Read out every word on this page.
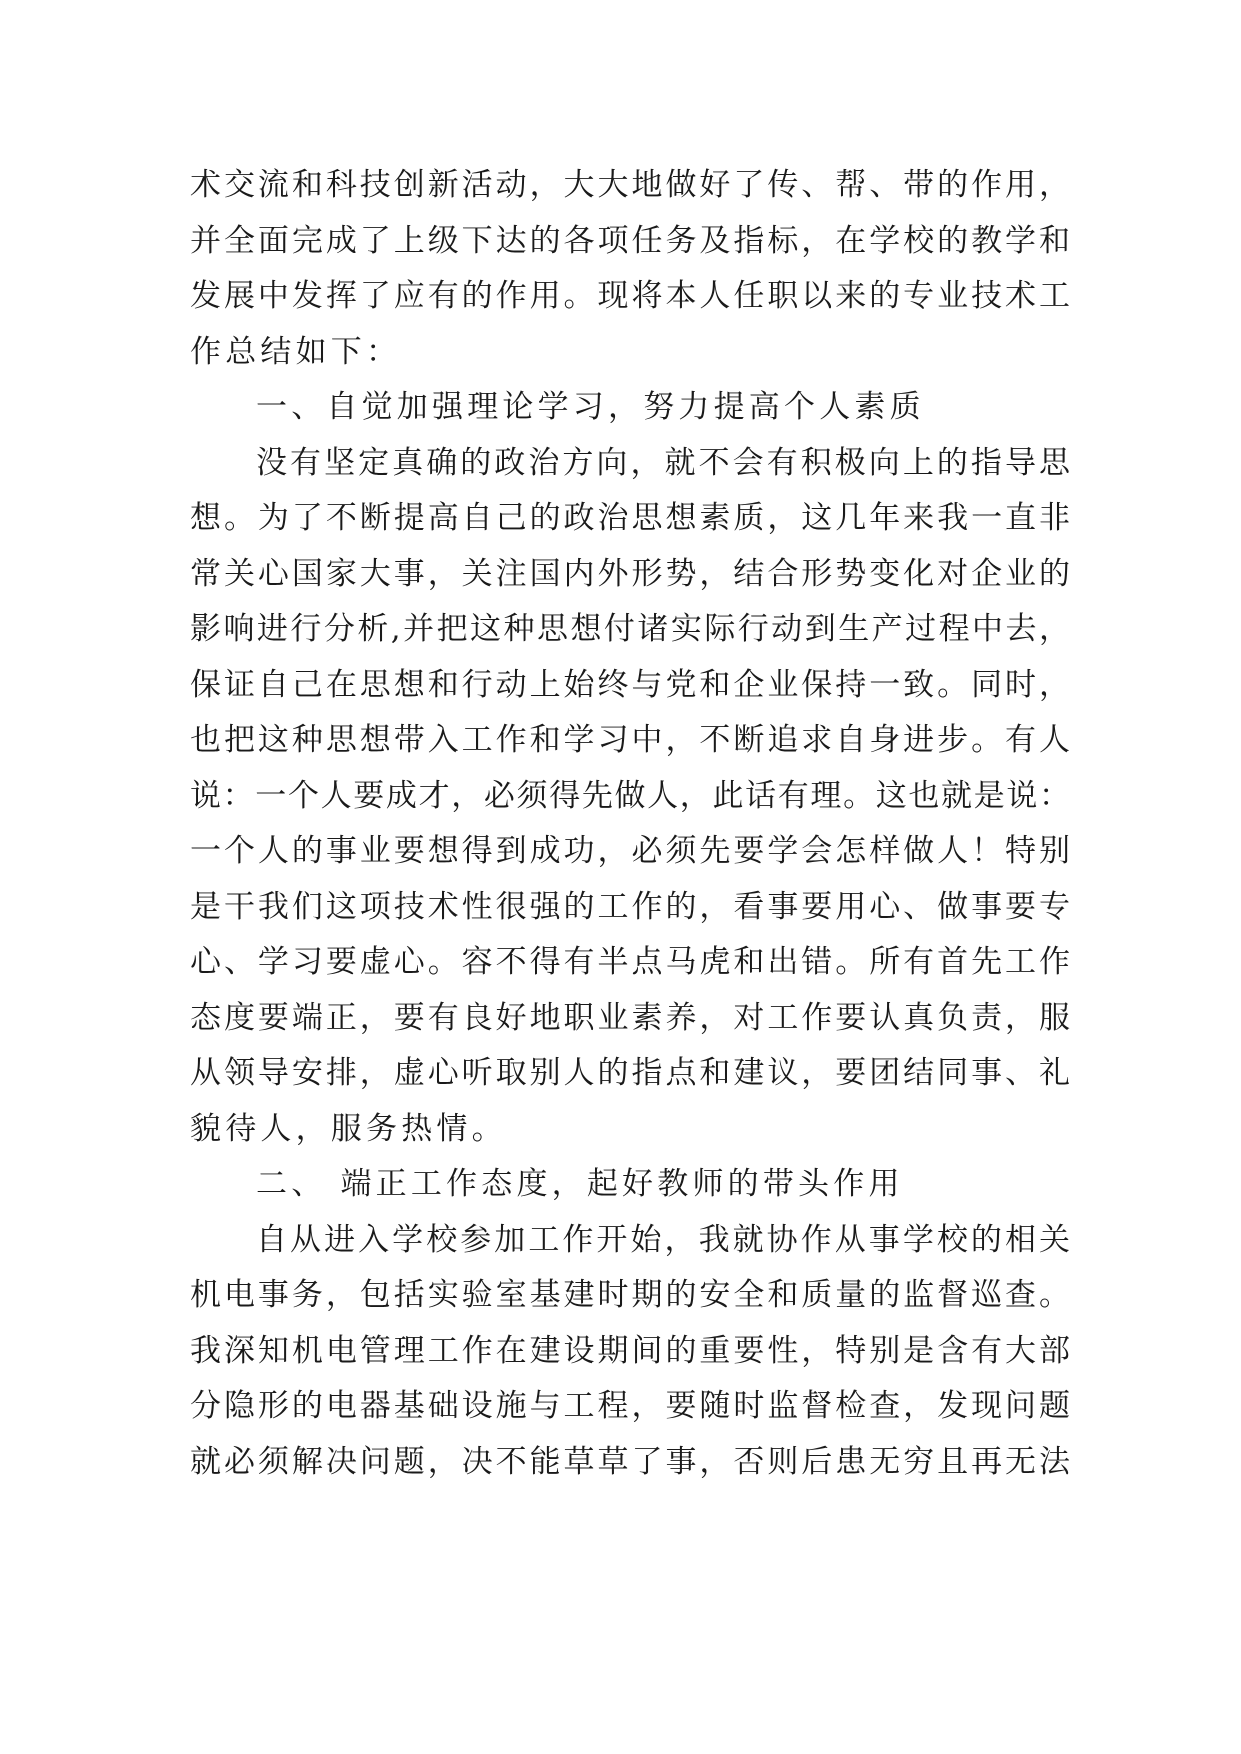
术交流和科技创新活动，大大地做好了传、帮、带的作用，
并全面完成了上级下达的各项任务及指标，在学校的教学和
发展中发挥了应有的作用。现将本人任职以来的专业技术工
作总结如下：
一、自觉加强理论学习，努力提高个人素质
没有坚定真确的政治方向，就不会有积极向上的指导思
想。为了不断提高自己的政治思想素质，这几年来我一直非
常关心国家大事，关注国内外形势，结合形势变化对企业的
影响进行分析,并把这种思想付诸实际行动到生产过程中去，
保证自己在思想和行动上始终与党和企业保持一致。同时，
也把这种思想带入工作和学习中，不断追求自身进步。有人
说：一个人要成才，必须得先做人，此话有理。这也就是说：
一个人的事业要想得到成功，必须先要学会怎样做人！特别
是干我们这项技术性很强的工作的，看事要用心、做事要专
心、学习要虚心。容不得有半点马虎和出错。所有首先工作
态度要端正，要有良好地职业素养，对工作要认真负责，服
从领导安排，虚心听取别人的指点和建议，要团结同事、礼
貌待人，服务热情。
二、 端正工作态度，起好教师的带头作用
自从进入学校参加工作开始，我就协作从事学校的相关
机电事务，包括实验室基建时期的安全和质量的监督巡查。
我深知机电管理工作在建设期间的重要性，特别是含有大部
分隐形的电器基础设施与工程，要随时监督检查，发现问题
就必须解决问题，决不能草草了事，否则后患无穷且再无法
